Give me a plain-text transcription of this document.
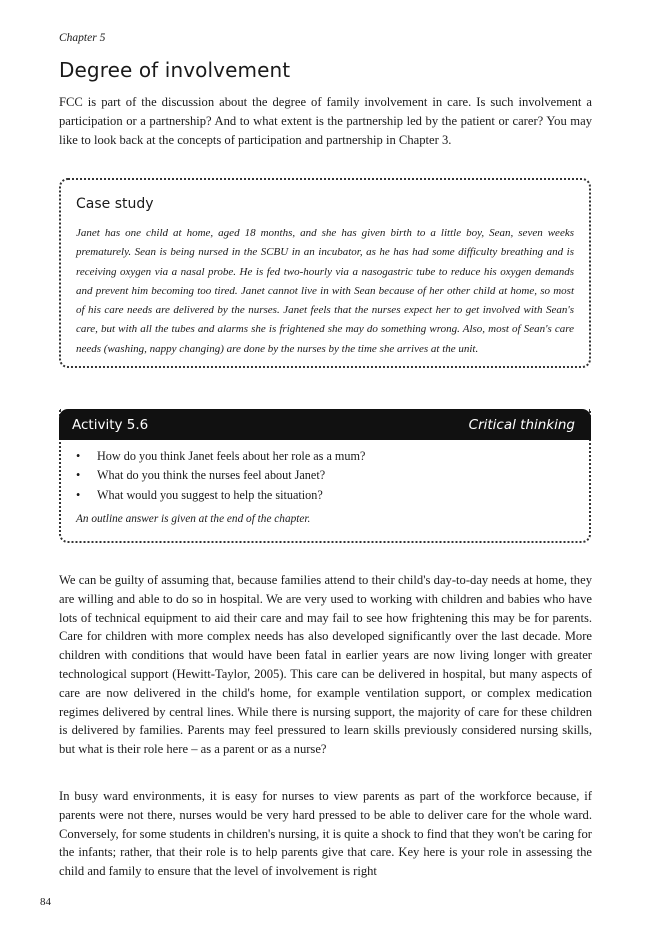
Chapter 5
Degree of involvement

FCC is part of the discussion about the degree of family involvement in care. Is such involvement a participation or a partnership? And to what extent is the partnership led by the patient or carer? You may like to look back at the concepts of participation and partnership in Chapter 3.

Case study

Janet has one child at home, aged 18 months, and she has given birth to a little boy, Sean, seven weeks prematurely. Sean is being nursed in the SCBU in an incubator, as he has had some difficulty breathing and is receiving oxygen via a nasal probe. He is fed two-hourly via a nasogastric tube to reduce his oxygen demands and prevent him becoming too tired. Janet cannot live in with Sean because of her other child at home, so most of his care needs are delivered by the nurses. Janet feels that the nurses expect her to get involved with Sean's care, but with all the tubes and alarms she is frightened she may do something wrong. Also, most of Sean's care needs (washing, nappy changing) are done by the nurses by the time she arrives at the unit.

Activity 5.6	Critical thinking
• How do you think Janet feels about her role as a mum?
• What do you think the nurses feel about Janet?
• What would you suggest to help the situation?
An outline answer is given at the end of the chapter.

We can be guilty of assuming that, because families attend to their child's day-to-day needs at home, they are willing and able to do so in hospital. We are very used to working with children and babies who have lots of technical equipment to aid their care and may fail to see how frightening this may be for parents. Care for children with more complex needs has also developed significantly over the last decade. More children with conditions that would have been fatal in earlier years are now living longer with greater technological support (Hewitt-Taylor, 2005). This care can be delivered in hospital, but many aspects of care are now delivered in the child's home, for example ventilation support, or complex medication regimes delivered by central lines. While there is nursing support, the majority of care for these children is delivered by families. Parents may feel pressured to learn skills previously considered nursing skills, but what is their role here – as a parent or as a nurse?

In busy ward environments, it is easy for nurses to view parents as part of the workforce because, if parents were not there, nurses would be very hard pressed to be able to deliver care for the whole ward. Conversely, for some students in children's nursing, it is quite a shock to find that they won't be caring for the infants; rather, that their role is to help parents give that care. Key here is your role in assessing the child and family to ensure that the level of involvement is right

84
